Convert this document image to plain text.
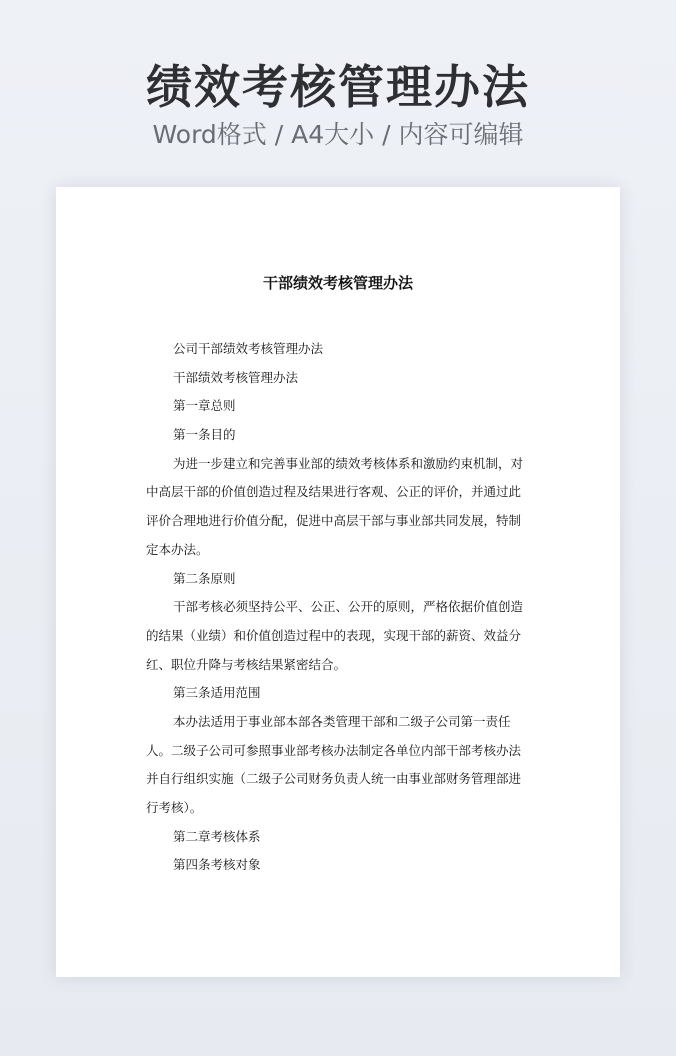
绩效考核管理办法
Word格式 / A4大小 / 内容可编辑
干部绩效考核管理办法
公司干部绩效考核管理办法
干部绩效考核管理办法
第一章总则
第一条目的
为进一步建立和完善事业部的绩效考核体系和激励约束机制，对
中高层干部的价值创造过程及结果进行客观、公正的评价，并通过此
评价合理地进行价值分配，促进中高层干部与事业部共同发展，特制
定本办法。
第二条原则
干部考核必须坚持公平、公正、公开的原则，严格依据价值创造
的结果（业绩）和价值创造过程中的表现，实现干部的薪资、效益分
红、职位升降与考核结果紧密结合。
第三条适用范围
本办法适用于事业部本部各类管理干部和二级子公司第一责任
人。二级子公司可参照事业部考核办法制定各单位内部干部考核办法
并自行组织实施（二级子公司财务负责人统一由事业部财务管理部进
行考核）。
第二章考核体系
第四条考核对象
